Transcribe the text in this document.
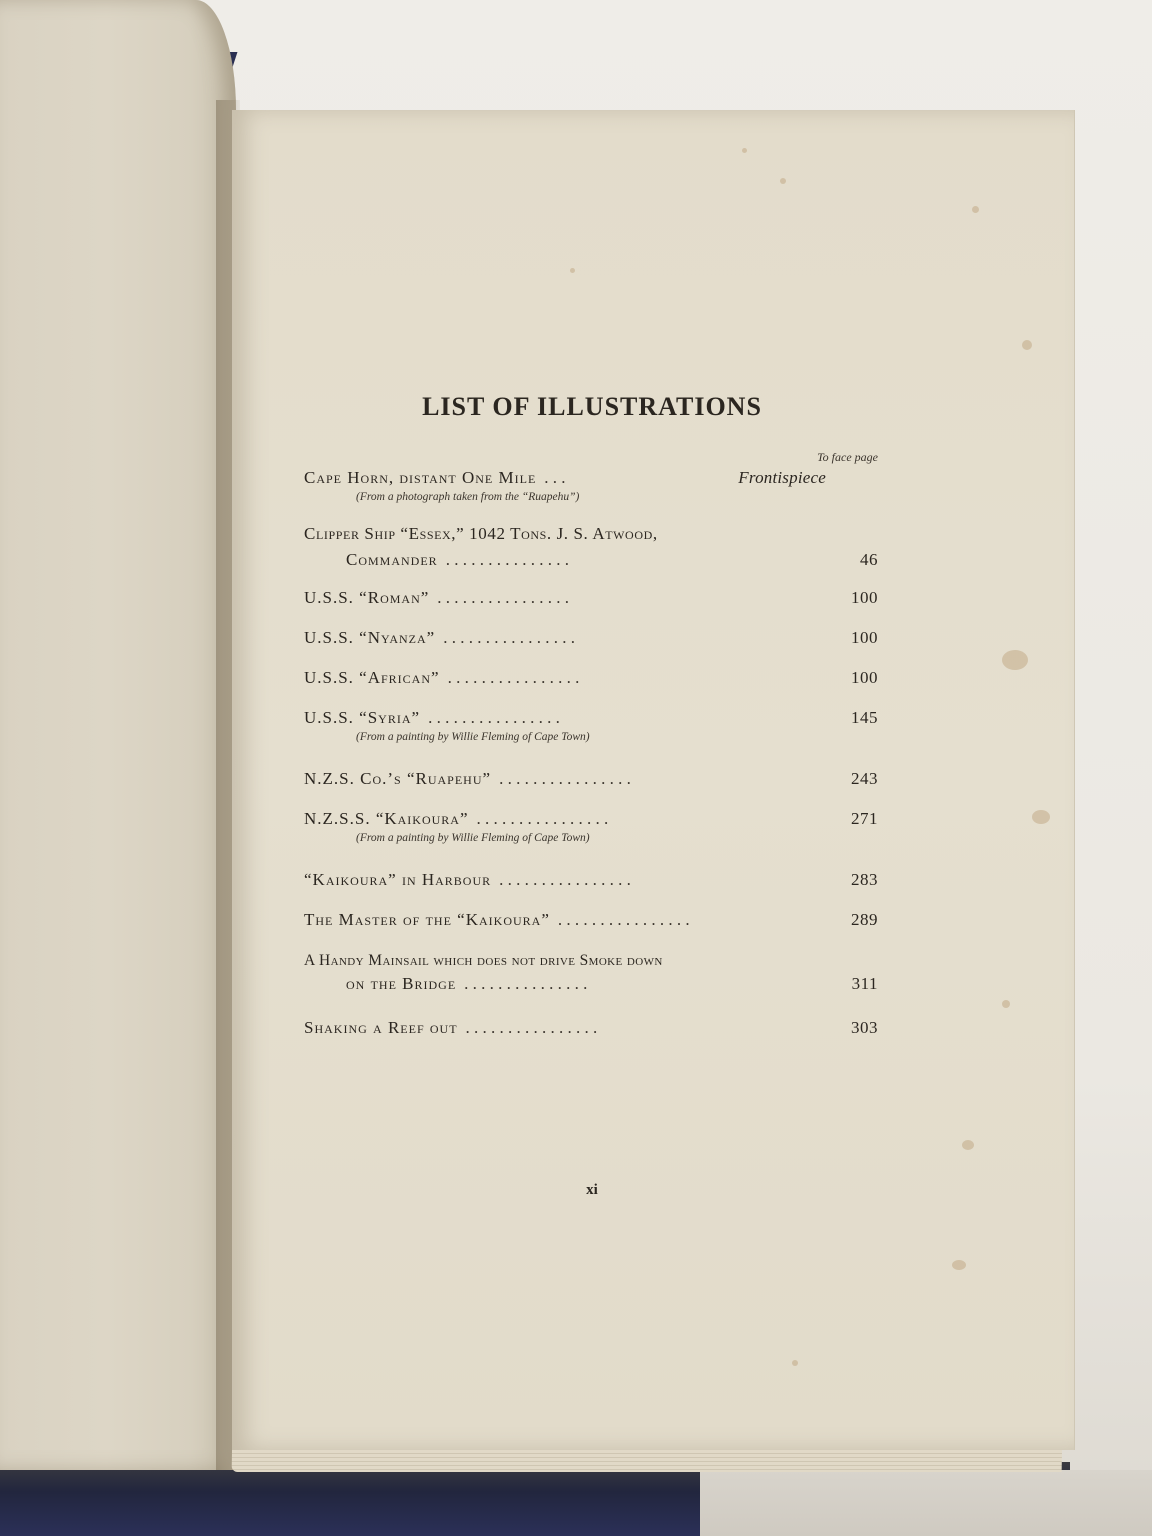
LIST OF ILLUSTRATIONS
To face page
Cape Horn, distant One Mile . . .	Frontispiece
(From a photograph taken from the “Ruapehu”)
Clipper Ship “Essex,” 1042 Tons. J. S. Atwood,
Commander . . . . . . . . . . . . . . .	46
U.S.S. “Roman” . . . . . . . . . . . . . . . .	100
U.S.S. “Nyanza” . . . . . . . . . . . . . . . .	100
U.S.S. “African” . . . . . . . . . . . . . . . .	100
U.S.S. “Syria” . . . . . . . . . . . . . . . .	145
(From a painting by Willie Fleming of Cape Town)
N.Z.S. Co.’s “Ruapehu” . . . . . . . . . . . . . . . .	243
N.Z.S.S. “Kaikoura” . . . . . . . . . . . . . . . .	271
(From a painting by Willie Fleming of Cape Town)
“Kaikoura” in Harbour . . . . . . . . . . . . . . . .	283
The Master of the “Kaikoura” . . . . . . . . . . . . . . . .	289
A Handy Mainsail which does not drive Smoke down
on the Bridge . . . . . . . . . . . . . . .	311
Shaking a Reef out . . . . . . . . . . . . . . . .	303
xi
